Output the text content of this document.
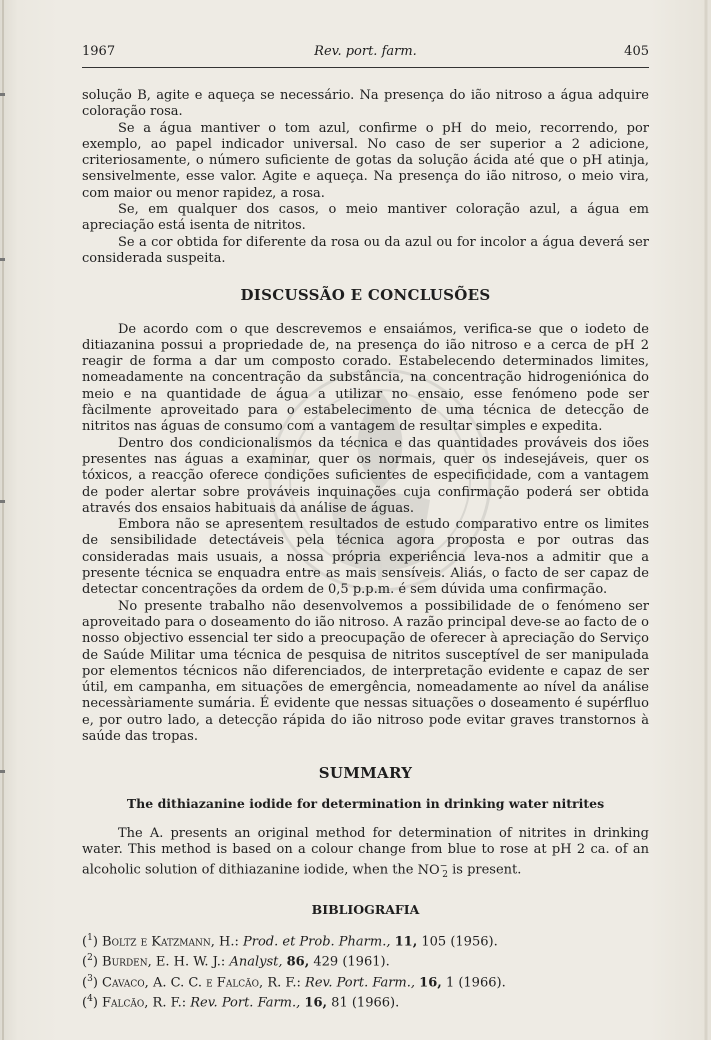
1967	Rev. port. farm.	405

solução B, agite e aqueça se necessário. Na presença do ião nitroso a água adquire coloração rosa.

Se a água mantiver o tom azul, confirme o pH do meio, recorrendo, por exemplo, ao papel indicador universal. No caso de ser superior a 2 adicione, criteriosamente, o número suficiente de gotas da solução ácida até que o pH atinja, sensivelmente, esse valor. Agite e aqueça. Na presença do ião nitroso, o meio vira, com maior ou menor rapidez, a rosa.

Se, em qualquer dos casos, o meio mantiver coloração azul, a água em apreciação está isenta de nitritos.

Se a cor obtida for diferente da rosa ou da azul ou for incolor a água deverá ser considerada suspeita.

DISCUSSÃO E CONCLUSÕES

De acordo com o que descrevemos e ensaiámos, verifica-se que o iodeto de ditiazanina possui a propriedade de, na presença do ião nitroso e a cerca de pH 2 reagir de forma a dar um composto corado. Estabelecendo determinados limites, nomeadamente na concentração da substância, na concentração hidrogeniónica do meio e na quantidade de água a utilizar no ensaio, esse fenómeno pode ser fàcilmente aproveitado para o estabelecimento de uma técnica de detecção de nitritos nas águas de consumo com a vantagem de resultar simples e expedita.

Dentro dos condicionalismos da técnica e das quantidades prováveis dos iões presentes nas águas a examinar, quer os normais, quer os indesejáveis, quer os tóxicos, a reacção oferece condições suficientes de especificidade, com a vantagem de poder alertar sobre prováveis inquinações cuja confirmação poderá ser obtida através dos ensaios habituais da análise de águas.

Embora não se apresentem resultados de estudo comparativo entre os limites de sensibilidade detectáveis pela técnica agora proposta e por outras das consideradas mais usuais, a nossa própria experiência leva-nos a admitir que a presente técnica se enquadra entre as mais sensíveis. Aliás, o facto de ser capaz de detectar concentrações da ordem de 0,5 p.p.m. é sem dúvida uma confirmação.

No presente trabalho não desenvolvemos a possibilidade de o fenómeno ser aproveitado para o doseamento do ião nitroso. A razão principal deve-se ao facto de o nosso objectivo essencial ter sido a preocupação de oferecer à apreciação do Serviço de Saúde Militar uma técnica de pesquisa de nitritos susceptível de ser manipulada por elementos técnicos não diferenciados, de interpretação evidente e capaz de ser útil, em campanha, em situações de emergência, nomeadamente ao nível da análise necessàriamente sumária. É evidente que nessas situações o doseamento é supérfluo e, por outro lado, a detecção rápida do ião nitroso pode evitar graves transtornos à saúde das tropas.

SUMMARY
The dithiazanine iodide for determination in drinking water nitrites

The A. presents an original method for determination of nitrites in drinking water. This method is based on a colour change from blue to rose at pH 2 ca. of an alcoholic solution of dithiazanine iodide, when the $NO^-_2$ is present.

BIBLIOGRAFIA
($^1$) Boltz e Katzmann, H.: Prod. et Prob. Pharm., 11, 105 (1956).
($^2$) Burden, E. H. W. J.: Analyst, 86, 429 (1961).
($^3$) Cavaco, A. C. C. e Falcão, R. F.: Rev. Port. Farm., 16, 1 (1966).
($^4$) Falcão, R. F.: Rev. Port. Farm., 16, 81 (1966).
